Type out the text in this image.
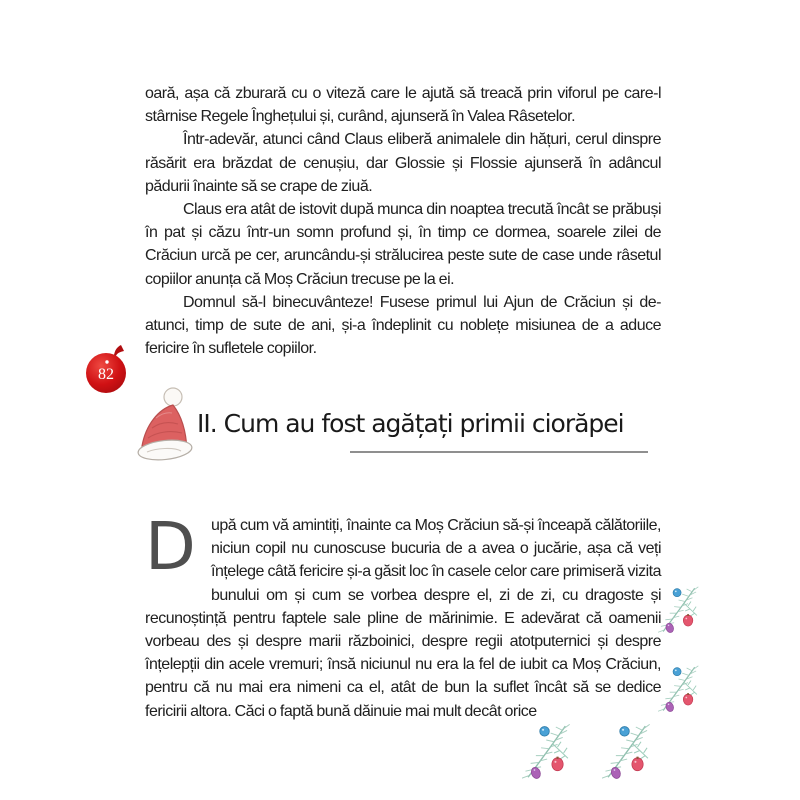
oară, așa că zburară cu o viteză care le ajută să treacă prin viforul pe care-l stârnise Regele Înghețului și, curând, ajunseră în Valea Râsetelor.

Într-adevăr, atunci când Claus eliberă animalele din hățuri, cerul dinspre răsărit era brăzdat de cenușiu, dar Glossie și Flossie ajunseră în adâncul pădurii înainte să se crape de ziuă.

Claus era atât de istovit după munca din noaptea trecută încât se prăbuși în pat și căzu într-un somn profund și, în timp ce dormea, soarele zilei de Crăciun urcă pe cer, aruncându-și strălucirea peste sute de case unde râsetul copiilor anunța că Moș Crăciun trecuse pe la ei.

Domnul să-l binecuvânteze! Fusese primul lui Ajun de Crăciun și de-atunci, timp de sute de ani, și-a îndeplinit cu noblețe misiunea de a aduce fericire în sufletele copiilor.

82
II. Cum au fost agățați primii ciorăpei

După cum vă amintiți, înainte ca Moș Crăciun să-și înceapă călătoriile, niciun copil nu cunoscuse bucuria de a avea o jucărie, așa că veți înțelege câtă fericire și-a găsit loc în casele celor care primiseră vizita bunului om și cum se vorbea despre el, zi de zi, cu dragoste și recunoștință pentru faptele sale pline de mărinimie. E adevărat că oamenii vorbeau des și despre marii războinici, despre regii atotputernici și despre înțelepții din acele vremuri; însă niciunul nu era la fel de iubit ca Moș Crăciun, pentru că nu mai era nimeni ca el, atât de bun la suflet încât să se dedice fericirii altora. Căci o faptă bună dăinuie mai mult decât orice
